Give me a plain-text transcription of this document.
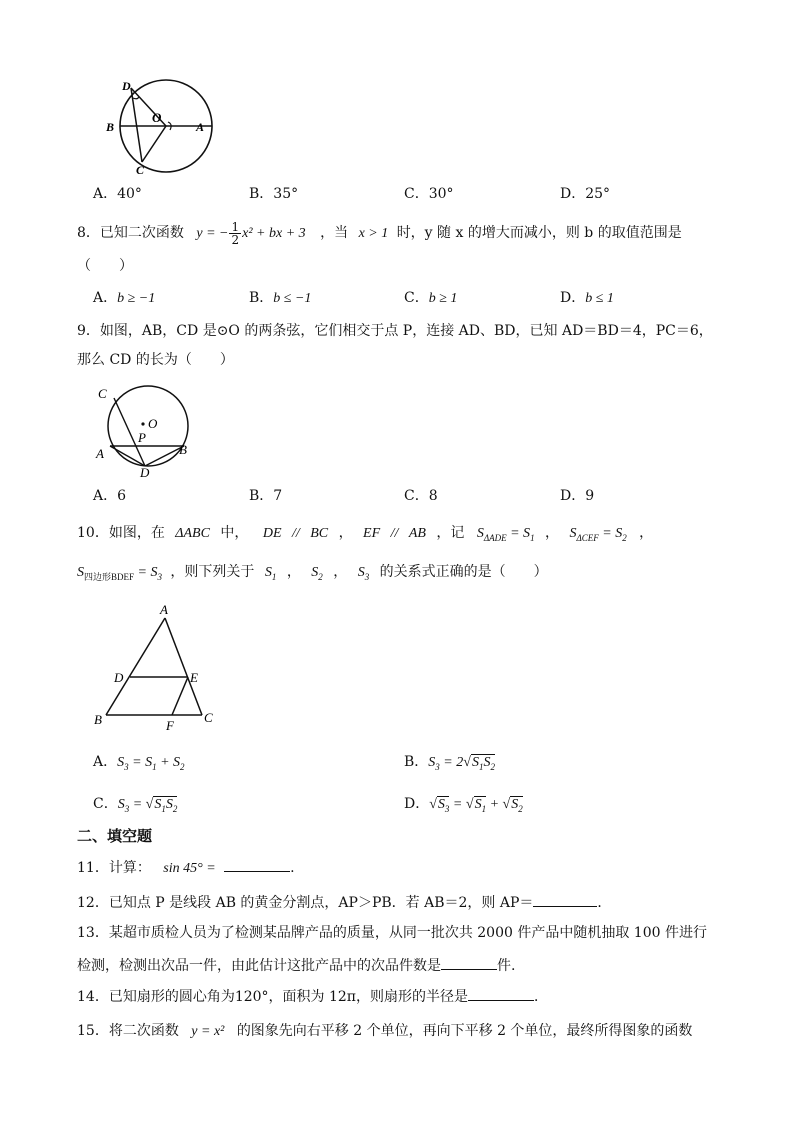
D
B
O
A
C
A．40°	B．35°	C．30°	D．25°
8．已知二次函数 y = − $\frac{1}{2} x^2$ + bx + 3 ，当 x > 1 时，y 随 x 的增大而减小，则 b 的取值范围是
（　　）
A．b ≥ −1	B．b ≤ −1	C．b ≥ 1	D．b ≤ 1
9．如图，AB，CD 是⊙O 的两条弦，它们相交于点 P，连接 AD、BD，已知 AD＝BD＝4，PC＝6，
那么 CD 的长为（　　）
C
O
P
A	B
D
A．6	B．7	C．8	D．9
10．如图，在 ΔABC 中， DE // BC ， EF // AB ，记 $S_{\Delta ADE} = S_1$ ， $S_{\Delta CEF} = S_2$ ，
$S_{四边形BDEF} = S_3$ ，则下列关于 $S_1$ ， $S_2$ ， $S_3$ 的关系式正确的是（　　）
A
D	E
B	F
C
A．$S_3 = S_1 + S_2$	B．$S_3 = 2√S_1S_2$
C．$S_3 = √S_1S_2$	D．$√S_3 = √S_1 + √S_2$
二、填空题
11．计算： sin 45° =	.
12．已知点 P 是线段 AB 的黄金分割点，AP＞PB．若 AB＝2，则 AP＝	．
13．某超市质检人员为了检测某品牌产品的质量，从同一批次共 2000 件产品中随机抽取 100 件进行
检测，检测出次品一件，由此估计这批产品中的次品件数是	件.
14．已知扇形的圆心角为120°，面积为 12π，则扇形的半径是	．
15．将二次函数 y = x² 的图象先向右平移 2 个单位，再向下平移 2 个单位，最终所得图象的函数
